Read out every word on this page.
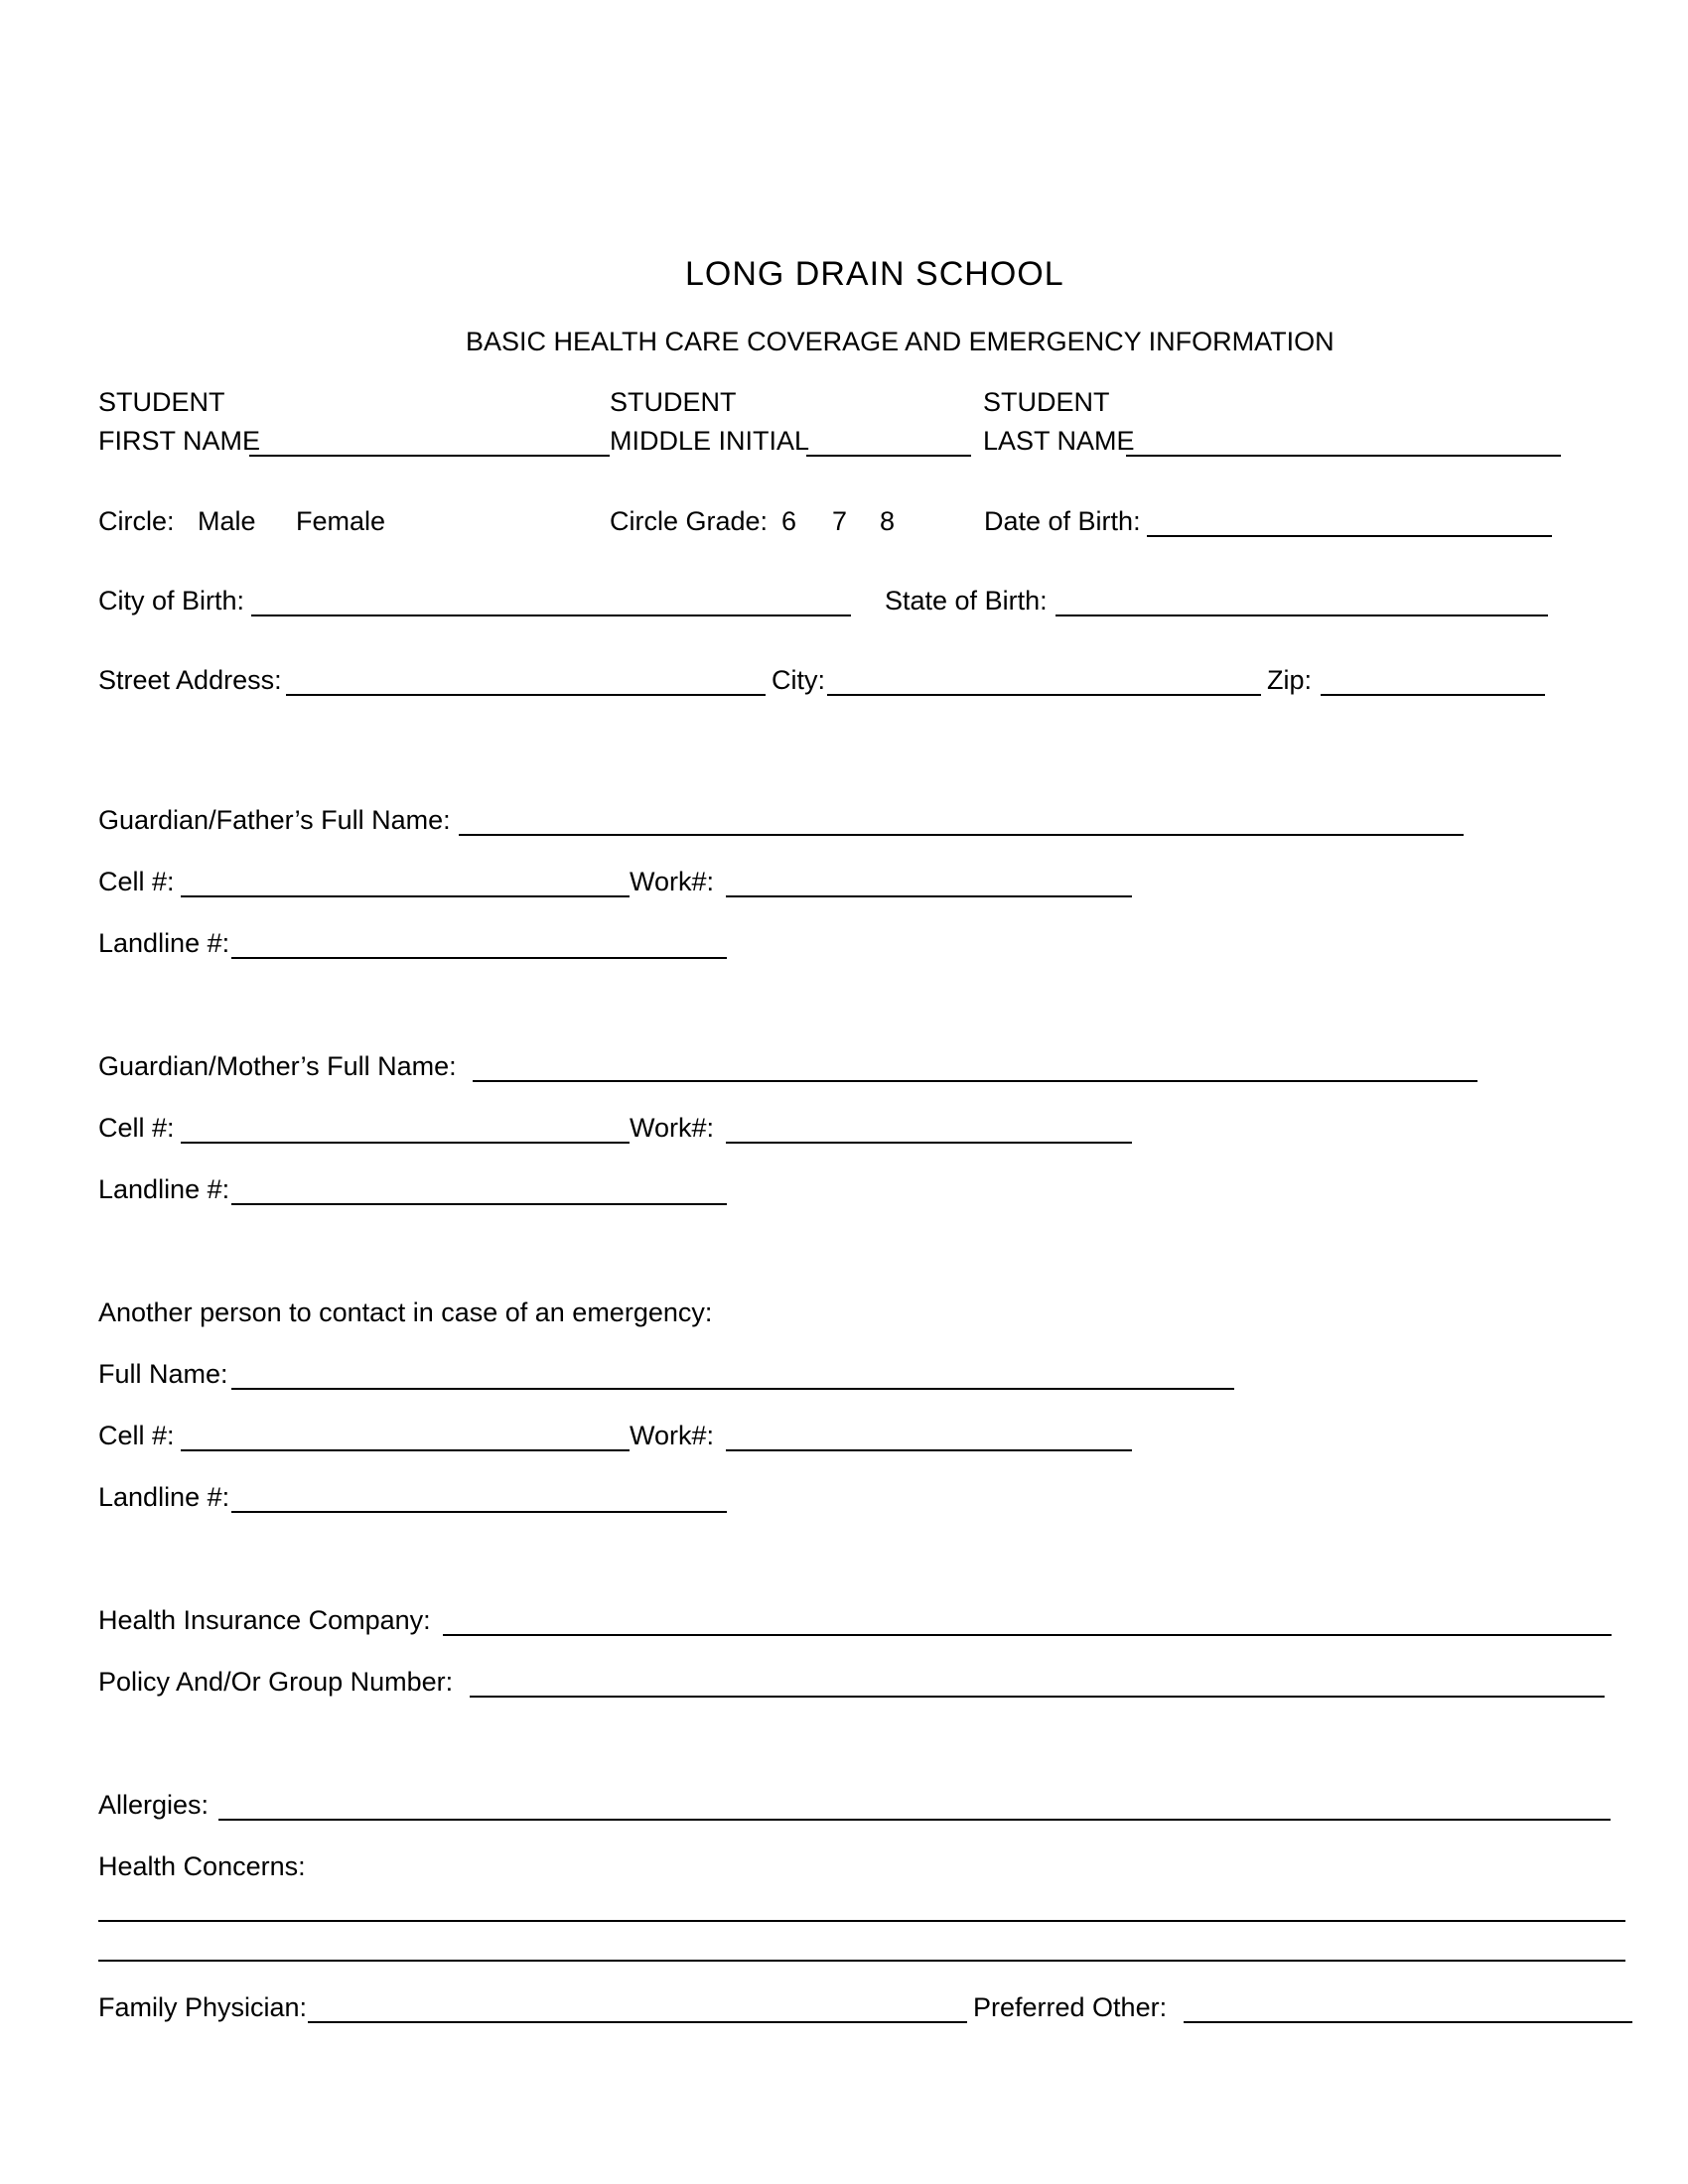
LONG DRAIN SCHOOL
BASIC HEALTH CARE COVERAGE AND EMERGENCY INFORMATION
STUDENT
FIRST NAME
STUDENT
MIDDLE INITIAL
STUDENT
LAST NAME
Circle: Male Female	Circle Grade: 6 7 8	Date of Birth:
City of Birth:	State of Birth:
Street Address:	City:	Zip:
Guardian/Father’s Full Name:
Cell #:	Work#:
Landline #:
Guardian/Mother’s Full Name:
Cell #:	Work#:
Landline #:
Another person to contact in case of an emergency:
Full Name:
Cell #:	Work#:
Landline #:
Health Insurance Company:
Policy And/Or Group Number:
Allergies:
Health Concerns:
Family Physician:	Preferred Other:
